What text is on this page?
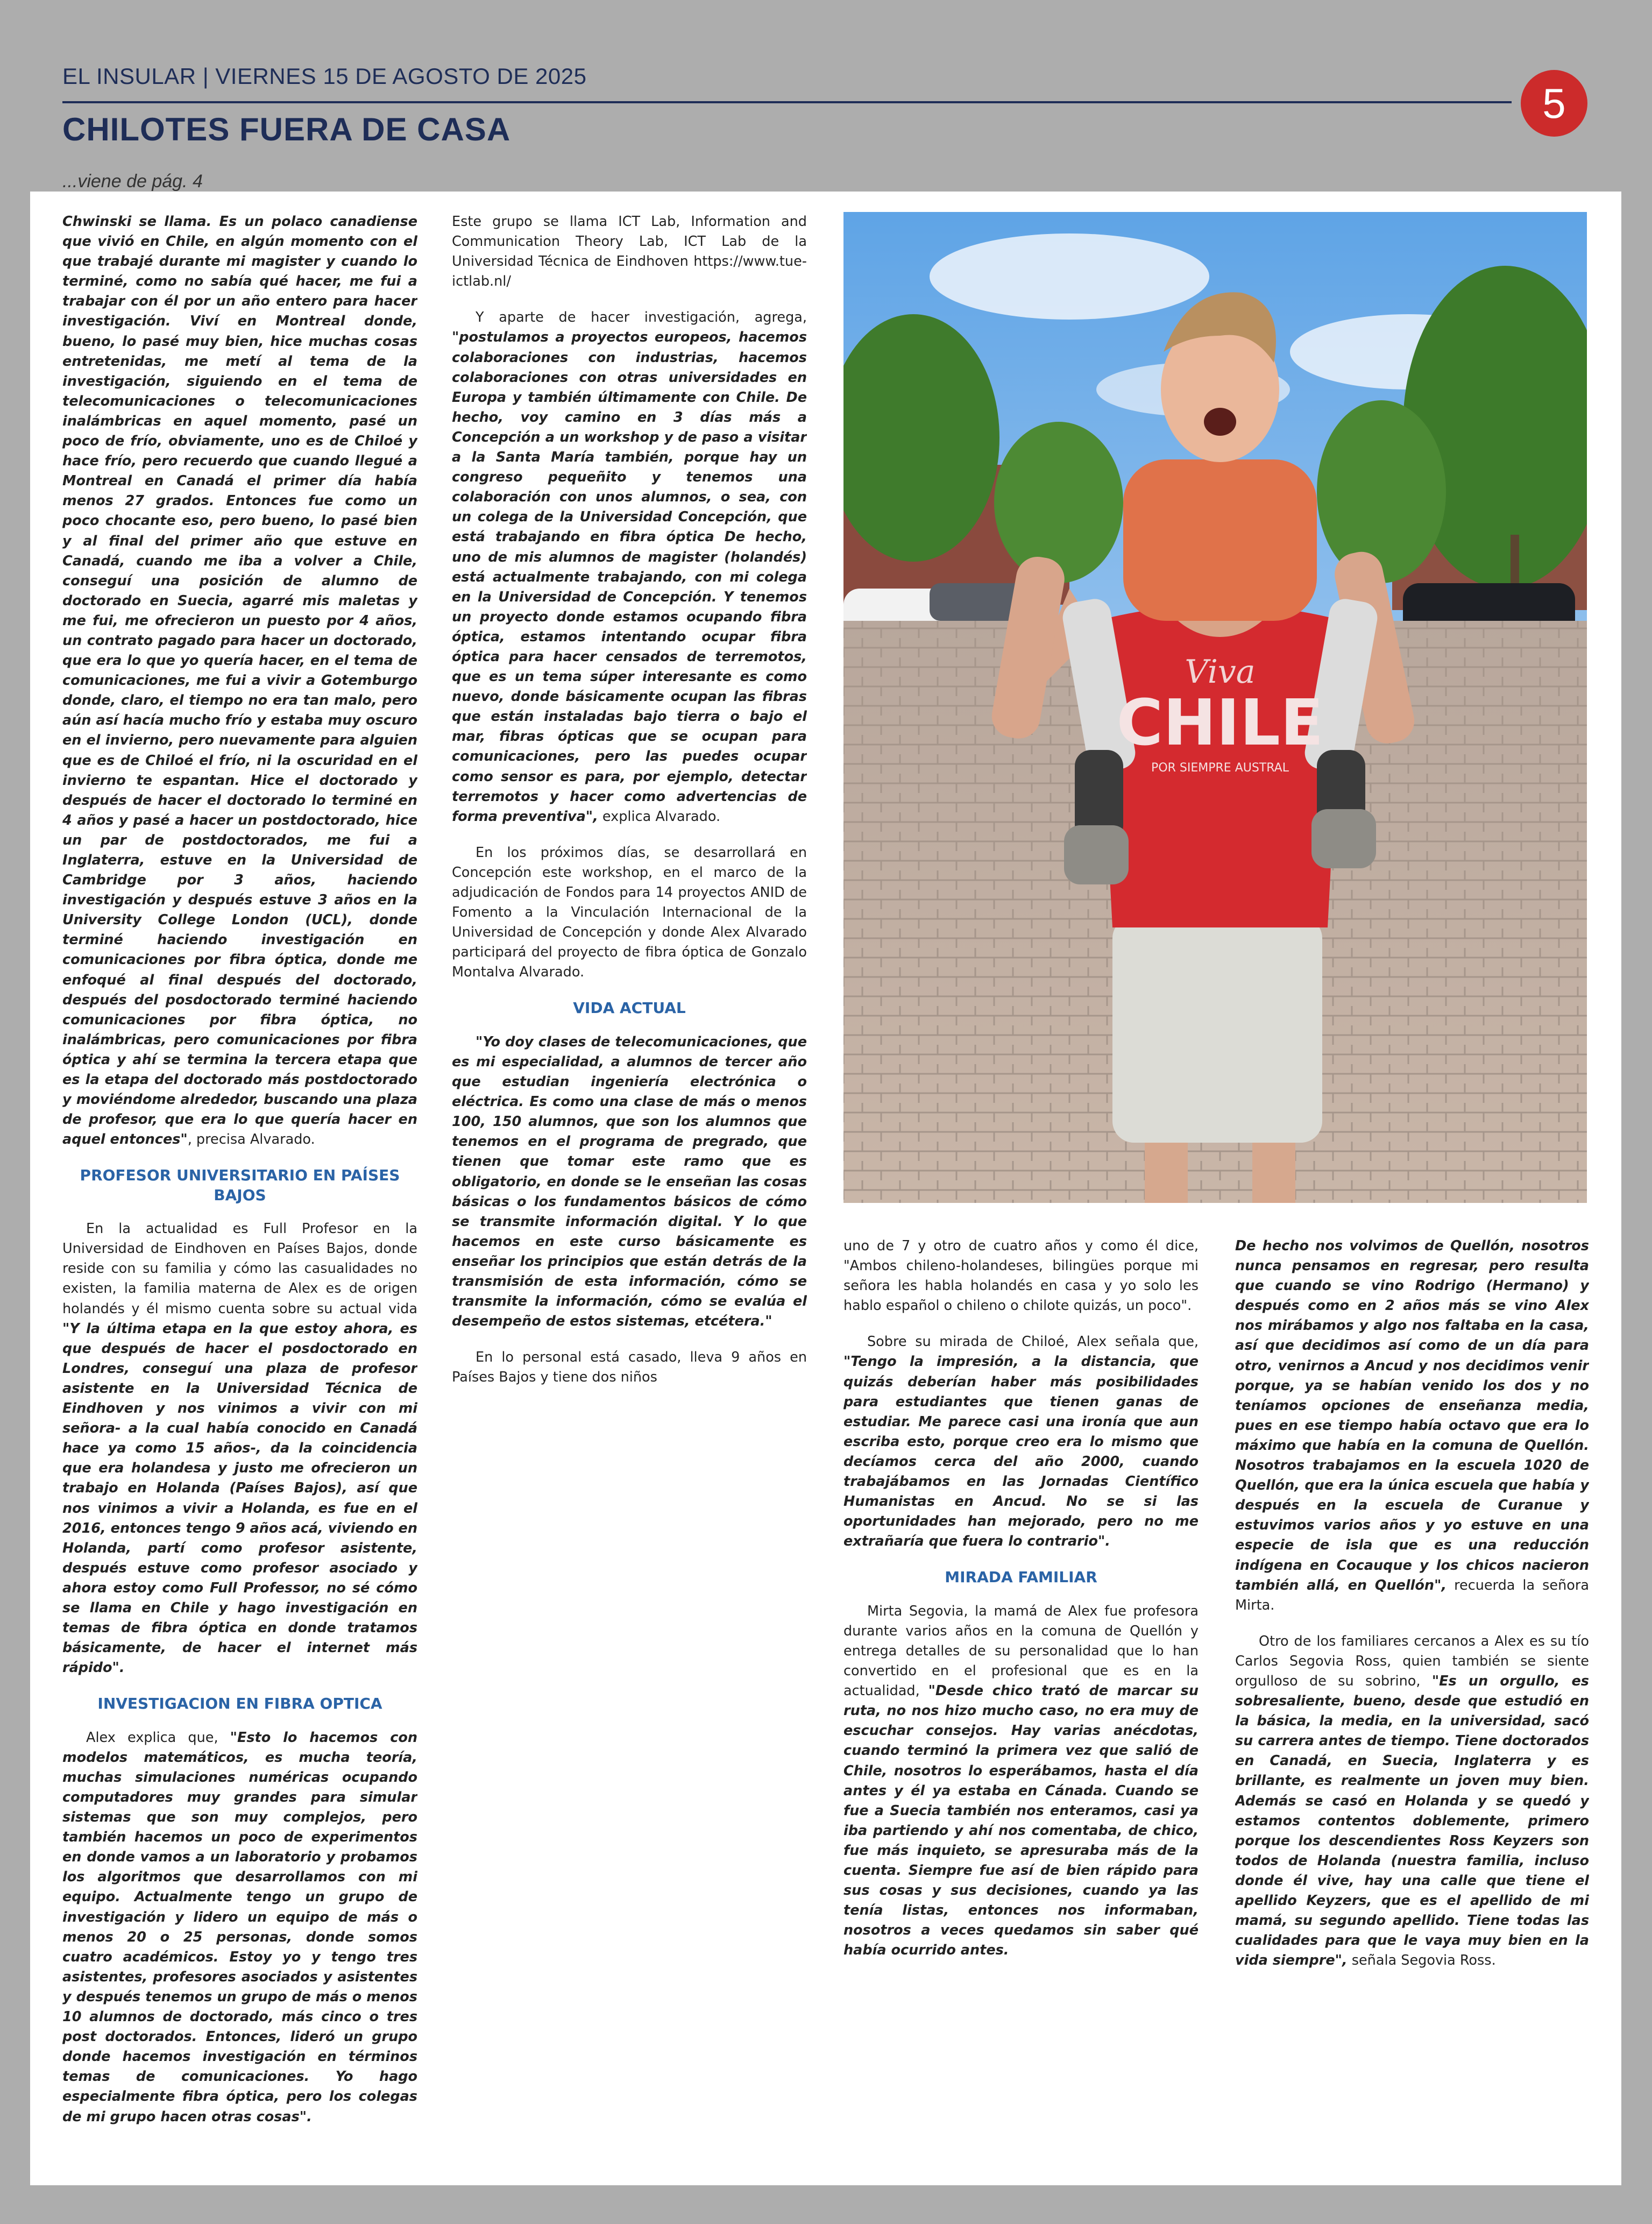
EL INSULAR | VIERNES 15 DE AGOSTO DE 2025
5
CHILOTES FUERA DE CASA
...viene de pág. 4

Chwinski se llama. Es un polaco canadiense que vivió en Chile, en algún momento con el que trabajé durante mi magister y cuando lo terminé, como no sabía qué hacer, me fui a trabajar con él por un año entero para hacer investigación. Viví en Montreal donde, bueno, lo pasé muy bien, hice muchas cosas entretenidas, me metí al tema de la investigación, siguiendo en el tema de telecomunicaciones o telecomunicaciones inalámbricas en aquel momento, pasé un poco de frío, obviamente, uno es de Chiloé y hace frío, pero recuerdo que cuando llegué a Montreal en Canadá el primer día había menos 27 grados. Entonces fue como un poco chocante eso, pero bueno, lo pasé bien y al final del primer año que estuve en Canadá, cuando me iba a volver a Chile, conseguí una posición de alumno de doctorado en Suecia, agarré mis maletas y me fui, me ofrecieron un puesto por 4 años, un contrato pagado para hacer un doctorado, que era lo que yo quería hacer, en el tema de comunicaciones, me fui a vivir a Gotemburgo donde, claro, el tiempo no era tan malo, pero aún así hacía mucho frío y estaba muy oscuro en el invierno, pero nuevamente para alguien que es de Chiloé el frío, ni la oscuridad en el invierno te espantan. Hice el doctorado y después de hacer el doctorado lo terminé en 4 años y pasé a hacer un postdoctorado, hice un par de postdoctorados, me fui a Inglaterra, estuve en la Universidad de Cambridge por 3 años, haciendo investigación y después estuve 3 años en la University College London (UCL), donde terminé haciendo investigación en comunicaciones por fibra óptica, donde me enfoqué al final después del doctorado, después del posdoctorado terminé haciendo comunicaciones por fibra óptica, no inalámbricas, pero comunicaciones por fibra óptica y ahí se termina la tercera etapa que es la etapa del doctorado más postdoctorado y moviéndome alrededor, buscando una plaza de profesor, que era lo que quería hacer en aquel entonces", precisa Alvarado.

PROFESOR UNIVERSITARIO EN PAÍSES BAJOS

En la actualidad es Full Profesor en la Universidad de Eindhoven en Países Bajos, donde reside con su familia y cómo las casualidades no existen, la familia materna de Alex es de origen holandés y él mismo cuenta sobre su actual vida "Y la última etapa en la que estoy ahora, es que después de hacer el posdoctorado en Londres, conseguí una plaza de profesor asistente en la Universidad Técnica de Eindhoven y nos vinimos a vivir con mi señora- a la cual había conocido en Canadá hace ya como 15 años-, da la coincidencia que era holandesa y justo me ofrecieron un trabajo en Holanda (Países Bajos), así que nos vinimos a vivir a Holanda, es fue en el 2016, entonces tengo 9 años acá, viviendo en Holanda, partí como profesor asistente, después estuve como profesor asociado y ahora estoy como Full Professor, no sé cómo se llama en Chile y hago investigación en temas de fibra óptica en donde tratamos básicamente, de hacer el internet más rápido".

INVESTIGACION EN FIBRA OPTICA

Alex explica que, "Esto lo hacemos con modelos matemáticos, es mucha teoría, muchas simulaciones numéricas ocupando computadores muy grandes para simular sistemas que son muy complejos, pero también hacemos un poco de experimentos en donde vamos a un laboratorio y probamos los algoritmos que desarrollamos con mi equipo. Actualmente tengo un grupo de investigación y lidero un equipo de más o menos 20 o 25 personas, donde somos cuatro académicos. Estoy yo y tengo tres asistentes, profesores asociados y asistentes y después tenemos un grupo de más o menos 10 alumnos de doctorado, más cinco o tres post doctorados. Entonces, lideró un grupo donde hacemos investigación en términos temas de comunicaciones. Yo hago especialmente fibra óptica, pero los colegas de mi grupo hacen otras cosas".

Este grupo se llama ICT Lab, Information and Communication Theory Lab, ICT Lab de la Universidad Técnica de Eindhoven https://www.tue-ictlab.nl/

Y aparte de hacer investigación, agrega, "postulamos a proyectos europeos, hacemos colaboraciones con industrias, hacemos colaboraciones con otras universidades en Europa y también últimamente con Chile. De hecho, voy camino en 3 días más a Concepción a un workshop y de paso a visitar a la Santa María también, porque hay un congreso pequeñito y tenemos una colaboración con unos alumnos, o sea, con un colega de la Universidad Concepción, que está trabajando en fibra óptica De hecho, uno de mis alumnos de magister (holandés) está actualmente trabajando, con mi colega en la Universidad de Concepción. Y tenemos un proyecto donde estamos ocupando fibra óptica, estamos intentando ocupar fibra óptica para hacer censados de terremotos, que es un tema súper interesante es como nuevo, donde básicamente ocupan las fibras que están instaladas bajo tierra o bajo el mar, fibras ópticas que se ocupan para comunicaciones, pero las puedes ocupar como sensor es para, por ejemplo, detectar terremotos y hacer como advertencias de forma preventiva", explica Alvarado.

En los próximos días, se desarrollará en Concepción este workshop, en el marco de la adjudicación de Fondos para 14 proyectos ANID de Fomento a la Vinculación Internacional de la Universidad de Concepción y donde Alex Alvarado participará del proyecto de fibra óptica de Gonzalo Montalva Alvarado.

VIDA ACTUAL

"Yo doy clases de telecomunicaciones, que es mi especialidad, a alumnos de tercer año que estudian ingeniería electrónica o eléctrica. Es como una clase de más o menos 100, 150 alumnos, que son los alumnos que tenemos en el programa de pregrado, que tienen que tomar este ramo que es obligatorio, en donde se le enseñan las cosas básicas o los fundamentos básicos de cómo se transmite información digital. Y lo que hacemos en este curso básicamente es enseñar los principios que están detrás de la transmisión de esta información, cómo se transmite la información, cómo se evalúa el desempeño de estos sistemas, etcétera."

En lo personal está casado, lleva 9 años en Países Bajos y tiene dos niños

Viva
CHILE
POR SIEMPRE AUSTRAL

uno de 7 y otro de cuatro años y como él dice, "Ambos chileno-holandeses, bilingües porque mi señora les habla holandés en casa y yo solo les hablo español o chileno o chilote quizás, un poco".

Sobre su mirada de Chiloé, Alex señala que, "Tengo la impresión, a la distancia, que quizás deberían haber más posibilidades para estudiantes que tienen ganas de estudiar. Me parece casi una ironía que aun escriba esto, porque creo era lo mismo que decíamos cerca del año 2000, cuando trabajábamos en las Jornadas Científico Humanistas en Ancud. No se si las oportunidades han mejorado, pero no me extrañaría que fuera lo contrario".

MIRADA FAMILIAR

Mirta Segovia, la mamá de Alex fue profesora durante varios años en la comuna de Quellón y entrega detalles de su personalidad que lo han convertido en el profesional que es en la actualidad, "Desde chico trató de marcar su ruta, no nos hizo mucho caso, no era muy de escuchar consejos. Hay varias anécdotas, cuando terminó la primera vez que salió de Chile, nosotros lo esperábamos, hasta el día antes y él ya estaba en Cánada. Cuando se fue a Suecia también nos enteramos, casi ya iba partiendo y ahí nos comentaba, de chico, fue más inquieto, se apresuraba más de la cuenta. Siempre fue así de bien rápido para sus cosas y sus decisiones, cuando ya las tenía listas, entonces nos informaban, nosotros a veces quedamos sin saber qué había ocurrido antes.

De hecho nos volvimos de Quellón, nosotros nunca pensamos en regresar, pero resulta que cuando se vino Rodrigo (Hermano) y después como en 2 años más se vino Alex nos mirábamos y algo nos faltaba en la casa, así que decidimos así como de un día para otro, venirnos a Ancud y nos decidimos venir porque, ya se habían venido los dos y no teníamos opciones de enseñanza media, pues en ese tiempo había octavo que era lo máximo que había en la comuna de Quellón. Nosotros trabajamos en la escuela 1020 de Quellón, que era la única escuela que había y después en la escuela de Curanue y estuvimos varios años y yo estuve en una especie de isla que es una reducción indígena en Cocauque y los chicos nacieron también allá, en Quellón", recuerda la señora Mirta.

Otro de los familiares cercanos a Alex es su tío Carlos Segovia Ross, quien también se siente orgulloso de su sobrino, "Es un orgullo, es sobresaliente, bueno, desde que estudió en la básica, la media, en la universidad, sacó su carrera antes de tiempo. Tiene doctorados en Canadá, en Suecia, Inglaterra y es brillante, es realmente un joven muy bien. Además se casó en Holanda y se quedó y estamos contentos doblemente, primero porque los descendientes Ross Keyzers son todos de Holanda (nuestra familia, incluso donde él vive, hay una calle que tiene el apellido Keyzers, que es el apellido de mi mamá, su segundo apellido. Tiene todas las cualidades para que le vaya muy bien en la vida siempre", señala Segovia Ross.
